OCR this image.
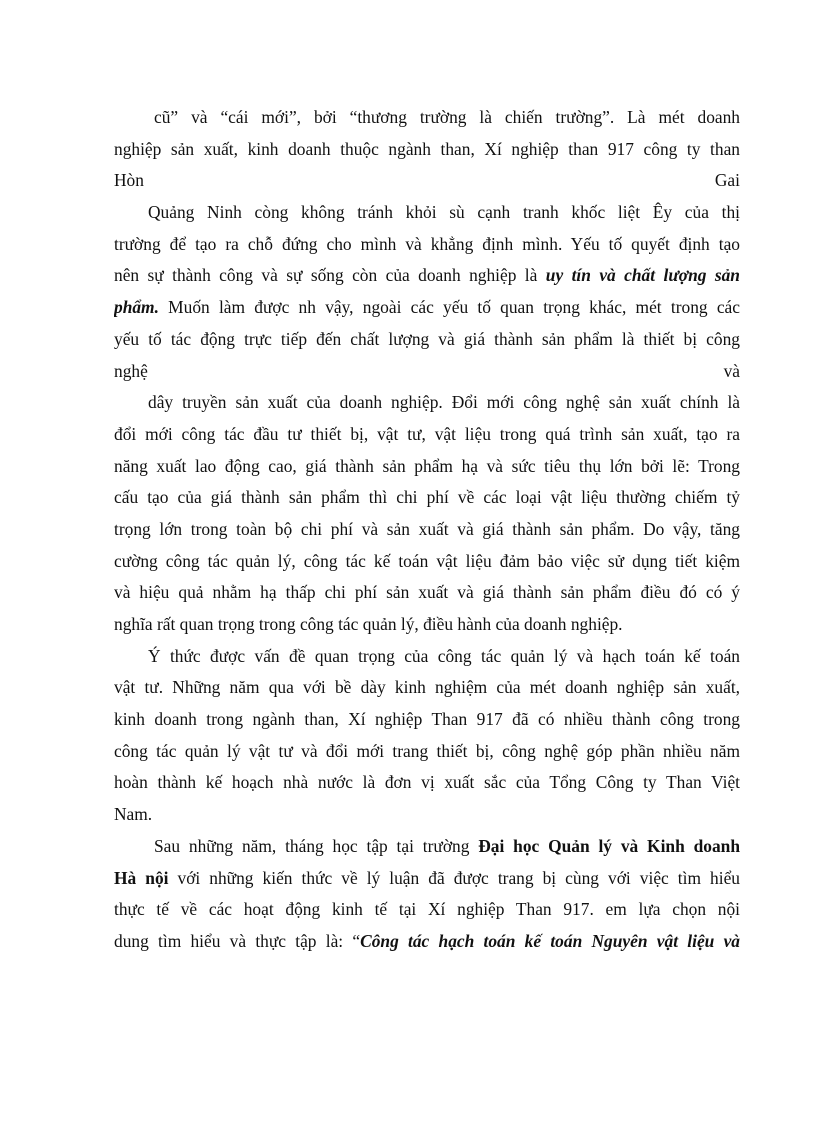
cũ” và “cái mới”, bởi “thương trường là chiến trường”. Là mét doanh
nghiệp sản xuất, kinh doanh thuộc ngành than, Xí nghiệp than 917 công ty than
Hòn	Gai
Quảng Ninh còng không tránh khỏi sù cạnh tranh khốc liệt Êy của thị
trường để tạo ra chỗ đứng cho mình và khẳng định mình. Yếu tố quyết định tạo
nên sự thành công và sự sống còn của doanh nghiệp là uy tín và chất lượng sản
phẩm. Muốn làm được nh vậy, ngoài các yếu tố quan trọng khác, mét trong các
yếu tố tác động trực tiếp đến chất lượng và giá thành sản phẩm là thiết bị công
nghệ	và
dây truyền sản xuất của doanh nghiệp. Đổi mới công nghệ sản xuất chính là
đổi mới công tác đầu tư thiết bị, vật tư, vật liệu trong quá trình sản xuất, tạo ra
năng xuất lao động cao, giá thành sản phẩm hạ và sức tiêu thụ lớn bởi lẽ: Trong
cấu tạo của giá thành sản phẩm thì chi phí về các loại vật liệu thường chiếm tỷ
trọng lớn trong toàn bộ chi phí và sản xuất và giá thành sản phẩm. Do vậy, tăng
cường công tác quản lý, công tác kế toán vật liệu đảm bảo việc sử dụng tiết kiệm
và hiệu quả nhằm hạ thấp chi phí sản xuất và giá thành sản phẩm điều đó có ý
nghĩa rất quan trọng trong công tác quản lý, điều hành của doanh nghiệp.
Ý thức được vấn đề quan trọng của công tác quản lý và hạch toán kế toán
vật tư. Những năm qua với bề dày kinh nghiệm của mét doanh nghiệp sản xuất,
kinh doanh trong ngành than, Xí nghiệp Than 917 đã có nhiều thành công trong
công tác quản lý vật tư và đổi mới trang thiết bị, công nghệ góp phần nhiều năm
hoàn thành kế hoạch nhà nước là đơn vị xuất sắc của Tổng Công ty Than Việt
Nam.
Sau những năm, tháng học tập tại trường Đại học Quản lý và Kinh doanh
Hà nội với những kiến thức về lý luận đã được trang bị cùng với việc tìm hiểu
thực tế về các hoạt động kinh tế tại Xí nghiệp Than 917. em lựa chọn nội
dung tìm hiểu và thực tập là: “Công tác hạch toán kế toán Nguyên vật liệu và
